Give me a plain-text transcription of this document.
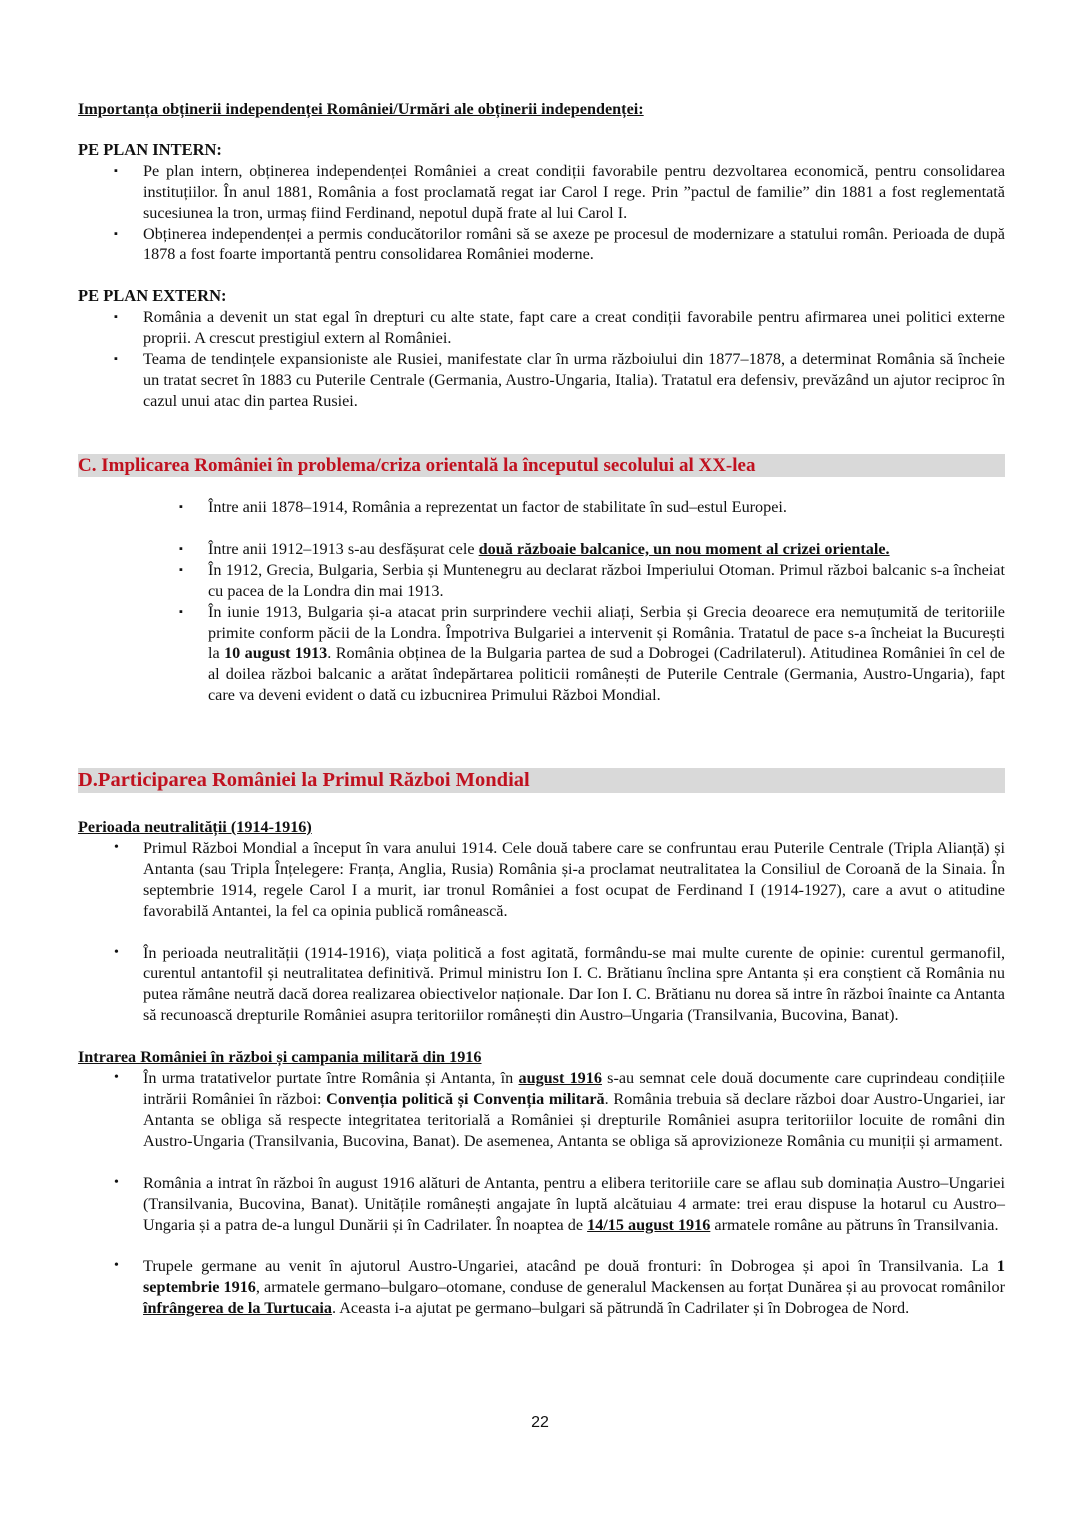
Importanța obținerii independenței României/Urmări ale obținerii independenței:
PE PLAN INTERN:
▪ Pe plan intern, obținerea independenței României a creat condiții favorabile pentru dezvoltarea economică, pentru consolidarea instituțiilor. În anul 1881, România a fost proclamată regat iar Carol I rege. Prin ”pactul de familie” din 1881 a fost reglementată sucesiunea la tron, urmaș fiind Ferdinand, nepotul după frate al lui Carol I.
▪ Obținerea independenței a permis conducătorilor români să se axeze pe procesul de modernizare a statului român. Perioada de după 1878 a fost foarte importantă pentru consolidarea României moderne.
PE PLAN EXTERN:
▪ România a devenit un stat egal în drepturi cu alte state, fapt care a creat condiții favorabile pentru afirmarea unei politici externe proprii. A crescut prestigiul extern al României.
▪ Teama de tendințele expansioniste ale Rusiei, manifestate clar în urma războiului din 1877–1878, a determinat România să încheie un tratat secret în 1883 cu Puterile Centrale (Germania, Austro-Ungaria, Italia). Tratatul era defensiv, prevăzând un ajutor reciproc în cazul unui atac din partea Rusiei.
C. Implicarea României în problema/criza orientală la începutul secolului al XX-lea
▪ Între anii 1878–1914, România a reprezentat un factor de stabilitate în sud–estul Europei.
▪ Între anii 1912–1913 s-au desfășurat cele două războaie balcanice, un nou moment al crizei orientale.
▪ În 1912, Grecia, Bulgaria, Serbia și Muntenegru au declarat război Imperiului Otoman. Primul război balcanic s-a încheiat cu pacea de la Londra din mai 1913.
▪ În iunie 1913, Bulgaria și-a atacat prin surprindere vechii aliați, Serbia și Grecia deoarece era nemuțumită de teritoriile primite conform păcii de la Londra. Împotriva Bulgariei a intervenit și România. Tratatul de pace s-a încheiat la București la 10 august 1913. România obținea de la Bulgaria partea de sud a Dobrogei (Cadrilaterul). Atitudinea României în cel de al doilea război balcanic a arătat îndepărtarea politicii românești de Puterile Centrale (Germania, Austro-Ungaria), fapt care va deveni evident o dată cu izbucnirea Primului Război Mondial.
D.Participarea României la Primul Război Mondial
Perioada neutralității (1914-1916)
• Primul Război Mondial a început în vara anului 1914. Cele două tabere care se confruntau erau Puterile Centrale (Tripla Alianță) și Antanta (sau Tripla Înțelegere: Franța, Anglia, Rusia) România și-a proclamat neutralitatea la Consiliul de Coroană de la Sinaia. În septembrie 1914, regele Carol I a murit, iar tronul României a fost ocupat de Ferdinand I (1914-1927), care a avut o atitudine favorabilă Antantei, la fel ca opinia publică românească.
• În perioada neutralității (1914-1916), viața politică a fost agitată, formându-se mai multe curente de opinie: curentul germanofil, curentul antantofil și neutralitatea definitivă. Primul ministru Ion I. C. Brătianu înclina spre Antanta și era conștient că România nu putea rămâne neutră dacă dorea realizarea obiectivelor naționale. Dar Ion I. C. Brătianu nu dorea să intre în război înainte ca Antanta să recunoască drepturile României asupra teritoriilor românești din Austro–Ungaria (Transilvania, Bucovina, Banat).
Intrarea României în război și campania militară din 1916
• În urma tratativelor purtate între România și Antanta, în august 1916 s-au semnat cele două documente care cuprindeau condițiile intrării României în război: Convenția politică și Convenția militară. România trebuia să declare război doar Austro-Ungariei, iar Antanta se obliga să respecte integritatea teritorială a României și drepturile României asupra teritoriilor locuite de români din Austro-Ungaria (Transilvania, Bucovina, Banat). De asemenea, Antanta se obliga să aprovizioneze România cu muniții și armament.
• România a intrat în război în august 1916 alături de Antanta, pentru a elibera teritoriile care se aflau sub dominația Austro–Ungariei (Transilvania, Bucovina, Banat). Unitățile românești angajate în luptă alcătuiau 4 armate: trei erau dispuse la hotarul cu Austro–Ungaria și a patra de-a lungul Dunării și în Cadrilater. În noaptea de 14/15 august 1916 armatele române au pătruns în Transilvania.
• Trupele germane au venit în ajutorul Austro-Ungariei, atacând pe două fronturi: în Dobrogea și apoi în Transilvania. La 1 septembrie 1916, armatele germano–bulgaro–otomane, conduse de generalul Mackensen au forțat Dunărea și au provocat românilor înfrângerea de la Turtucaia. Aceasta i-a ajutat pe germano–bulgari să pătrundă în Cadrilater și în Dobrogea de Nord.
22
